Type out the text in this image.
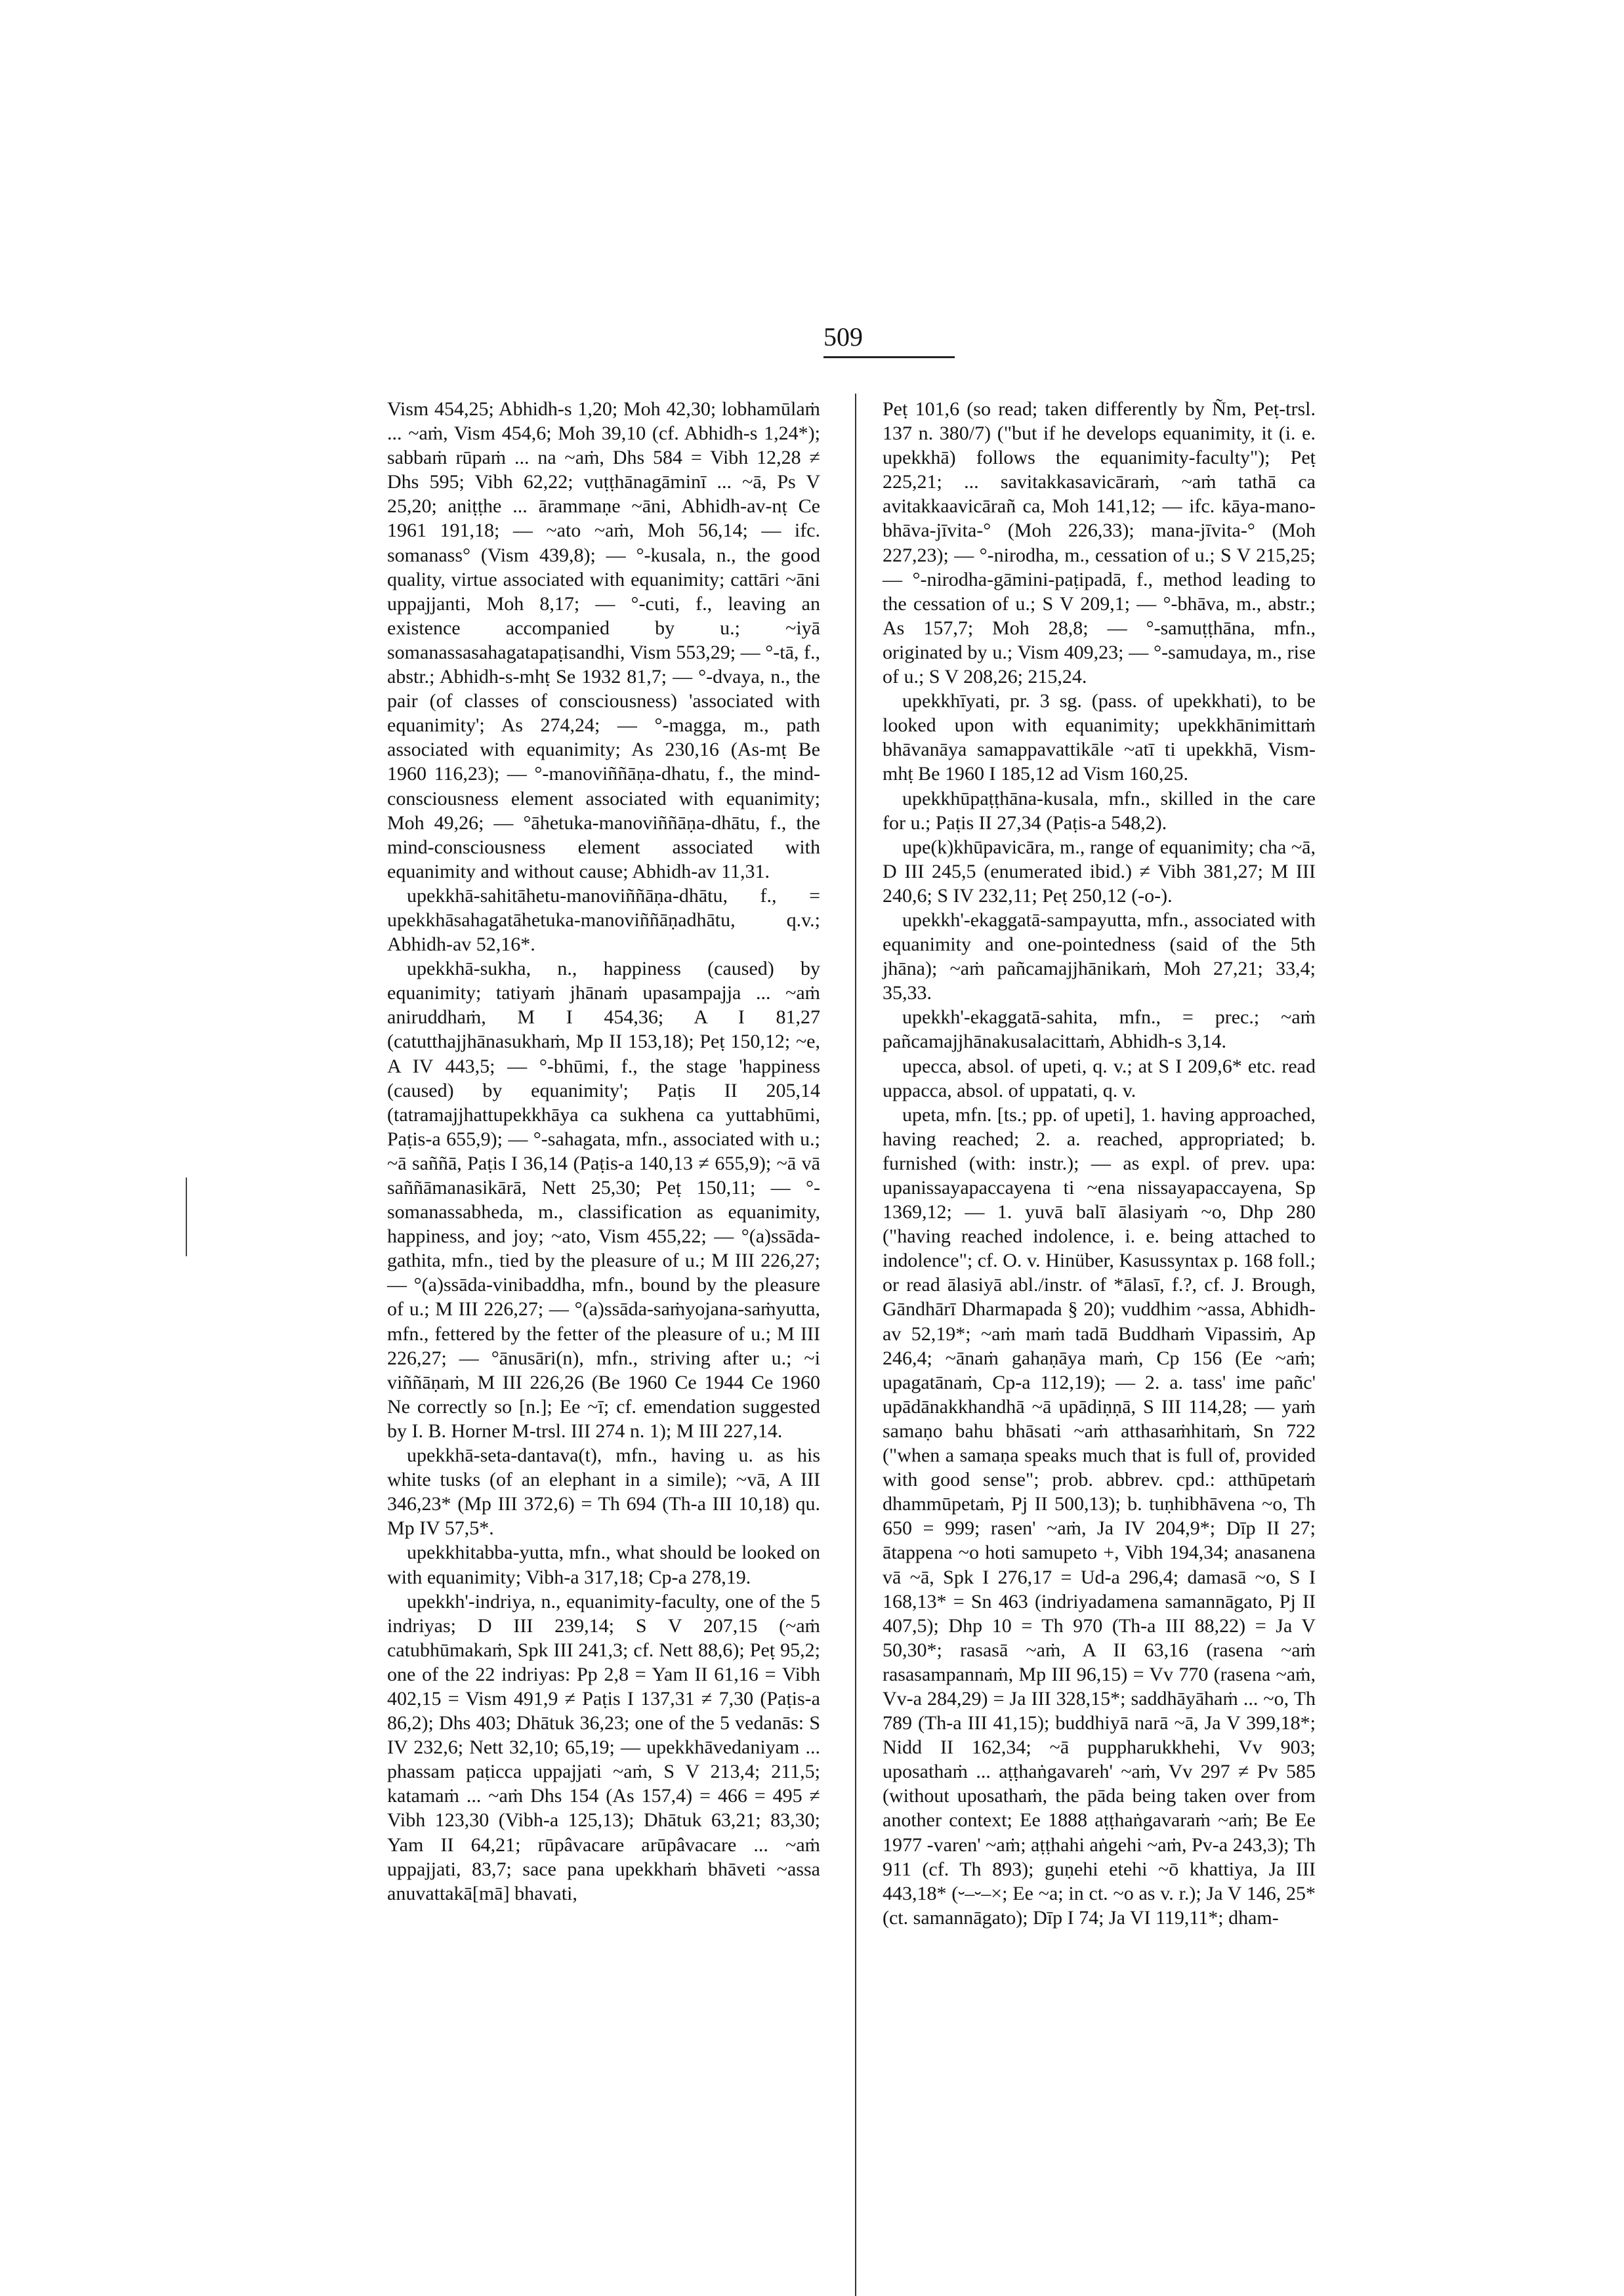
509

Vism 454,25; Abhidh-s 1,20; Moh 42,30; lobhamūlaṁ ... ~aṁ, Vism 454,6; Moh 39,10 (cf. Abhidh-s 1,24*); sabbaṁ rūpaṁ ... na ~aṁ, Dhs 584 = Vibh 12,28 ≠ Dhs 595; Vibh 62,22; vuṭṭhānagāminī ... ~ā, Ps V 25,20; aniṭṭhe ... ārammaṇe ~āni, Abhidh-av-nṭ Ce 1961 191,18; — ~ato ~aṁ, Moh 56,14; — ifc. somanass° (Vism 439,8); — °-kusala, n., the good quality, virtue associated with equanimity; cattāri ~āni uppajjanti, Moh 8,17; — °-cuti, f., leaving an existence accompanied by u.; ~iyā somanassasahagatapaṭisandhi, Vism 553,29; — °-tā, f., abstr.; Abhidh-s-mhṭ Se 1932 81,7; — °-dvaya, n., the pair (of classes of consciousness) 'associated with equanimity'; As 274,24; — °-magga, m., path associated with equanimity; As 230,16 (As-mṭ Be 1960 116,23); — °-manoviññāṇa-dhatu, f., the mind-consciousness element associated with equanimity; Moh 49,26; — °āhetuka-manoviññāṇa-dhātu, f., the mind-consciousness element associated with equanimity and without cause; Abhidh-av 11,31.

upekkhā-sahitāhetu-manoviññāṇa-dhātu, f., = upekkhāsahagatāhetuka-manoviññāṇadhātu, q.v.; Abhidh-av 52,16*.

upekkhā-sukha, n., happiness (caused) by equanimity; tatiyaṁ jhānaṁ upasampajja ... ~aṁ aniruddhaṁ, M I 454,36; A I 81,27 (catutthajjhānasukhaṁ, Mp II 153,18); Peṭ 150,12; ~e, A IV 443,5; — °-bhūmi, f., the stage 'happiness (caused) by equanimity'; Paṭis II 205,14 (tatramajjhattupekkhāya ca sukhena ca yuttabhūmi, Paṭis-a 655,9); — °-sahagata, mfn., associated with u.; ~ā saññā, Paṭis I 36,14 (Paṭis-a 140,13 ≠ 655,9); ~ā vā saññāmanasikārā, Nett 25,30; Peṭ 150,11; — °-somanassabheda, m., classification as equanimity, happiness, and joy; ~ato, Vism 455,22; — °(a)ssāda-gathita, mfn., tied by the pleasure of u.; M III 226,27; — °(a)ssāda-vinibaddha, mfn., bound by the pleasure of u.; M III 226,27; — °(a)ssāda-saṁyojana-saṁyutta, mfn., fettered by the fetter of the pleasure of u.; M III 226,27; — °ānusāri(n), mfn., striving after u.; ~i viññāṇaṁ, M III 226,26 (Be 1960 Ce 1944 Ce 1960 Ne correctly so [n.]; Ee ~ī; cf. emendation suggested by I. B. Horner M-trsl. III 274 n. 1); M III 227,14.

upekkhā-seta-dantava(t), mfn., having u. as his white tusks (of an elephant in a simile); ~vā, A III 346,23* (Mp III 372,6) = Th 694 (Th-a III 10,18) qu. Mp IV 57,5*.

upekkhitabba-yutta, mfn., what should be looked on with equanimity; Vibh-a 317,18; Cp-a 278,19.

upekkh'-indriya, n., equanimity-faculty, one of the 5 indriyas; D III 239,14; S V 207,15 (~aṁ catubhūmakaṁ, Spk III 241,3; cf. Nett 88,6); Peṭ 95,2; one of the 22 indriyas: Pp 2,8 = Yam II 61,16 = Vibh 402,15 = Vism 491,9 ≠ Paṭis I 137,31 ≠ 7,30 (Paṭis-a 86,2); Dhs 403; Dhātuk 36,23; one of the 5 vedanās: S IV 232,6; Nett 32,10; 65,19; — upekkhāvedaniyam ... phassam paṭicca uppajjati ~aṁ, S V 213,4; 211,5; katamaṁ ... ~aṁ Dhs 154 (As 157,4) = 466 = 495 ≠ Vibh 123,30 (Vibh-a 125,13); Dhātuk 63,21; 83,30; Yam II 64,21; rūpâvacare arūpâvacare ... ~aṁ uppajjati, 83,7; sace pana upekkhaṁ bhāveti ~assa anuvattakā[mā] bhavati,

Peṭ 101,6 (so read; taken differently by Ñm, Peṭ-trsl. 137 n. 380/7) ("but if he develops equanimity, it (i. e. upekkhā) follows the equanimity-faculty"); Peṭ 225,21; ... savitakkasavicāraṁ, ~aṁ tathā ca avitakkaavicārañ ca, Moh 141,12; — ifc. kāya-mano-bhāva-jīvita-° (Moh 226,33); mana-jīvita-° (Moh 227,23); — °-nirodha, m., cessation of u.; S V 215,25; — °-nirodha-gāmini-paṭipadā, f., method leading to the cessation of u.; S V 209,1; — °-bhāva, m., abstr.; As 157,7; Moh 28,8; — °-samuṭṭhāna, mfn., originated by u.; Vism 409,23; — °-samudaya, m., rise of u.; S V 208,26; 215,24.

upekkhīyati, pr. 3 sg. (pass. of upekkhati), to be looked upon with equanimity; upekkhānimittaṁ bhāvanāya samappavattikāle ~atī ti upekkhā, Vism-mhṭ Be 1960 I 185,12 ad Vism 160,25.

upekkhūpaṭṭhāna-kusala, mfn., skilled in the care for u.; Paṭis II 27,34 (Paṭis-a 548,2).

upe(k)khūpavicāra, m., range of equanimity; cha ~ā, D III 245,5 (enumerated ibid.) ≠ Vibh 381,27; M III 240,6; S IV 232,11; Peṭ 250,12 (-o-).

upekkh'-ekaggatā-sampayutta, mfn., associated with equanimity and one-pointedness (said of the 5th jhāna); ~aṁ pañcamajjhānikaṁ, Moh 27,21; 33,4; 35,33.

upekkh'-ekaggatā-sahita, mfn., = prec.; ~aṁ pañcamajjhānakusalacittaṁ, Abhidh-s 3,14.

upecca, absol. of upeti, q. v.; at S I 209,6* etc. read uppacca, absol. of uppatati, q. v.

upeta, mfn. [ts.; pp. of upeti], 1. having approached, having reached; 2. a. reached, appropriated; b. furnished (with: instr.); — as expl. of prev. upa: upanissayapaccayena ti ~ena nissayapaccayena, Sp 1369,12; — 1. yuvā balī ālasiyaṁ ~o, Dhp 280 ("having reached indolence, i. e. being attached to indolence"; cf. O. v. Hinüber, Kasussyntax p. 168 foll.; or read ālasiyā abl./instr. of *ālasī, f.?, cf. J. Brough, Gāndhārī Dharmapada § 20); vuddhim ~assa, Abhidh-av 52,19*; ~aṁ maṁ tadā Buddhaṁ Vipassiṁ, Ap 246,4; ~ānaṁ gahaṇāya maṁ, Cp 156 (Ee ~aṁ; upagatānaṁ, Cp-a 112,19); — 2. a. tass' ime pañc' upādānakkhandhā ~ā upādiṇṇā, S III 114,28; — yaṁ samaṇo bahu bhāsati ~aṁ atthasaṁhitaṁ, Sn 722 ("when a samaṇa speaks much that is full of, provided with good sense"; prob. abbrev. cpd.: atthūpetaṁ dhammūpetaṁ, Pj II 500,13); b. tuṇhibhāvena ~o, Th 650 = 999; rasen' ~aṁ, Ja IV 204,9*; Dīp II 27; ātappena ~o hoti samupeto +, Vibh 194,34; anasanena vā ~ā, Spk I 276,17 = Ud-a 296,4; damasā ~o, S I 168,13* = Sn 463 (indriyadamena samannāgato, Pj II 407,5); Dhp 10 = Th 970 (Th-a III 88,22) = Ja V 50,30*; rasasā ~aṁ, A II 63,16 (rasena ~aṁ rasasampannaṁ, Mp III 96,15) = Vv 770 (rasena ~aṁ, Vv-a 284,29) = Ja III 328,15*; saddhāyāhaṁ ... ~o, Th 789 (Th-a III 41,15); buddhiyā narā ~ā, Ja V 399,18*; Nidd II 162,34; ~ā puppharukkhehi, Vv 903; uposathaṁ ... aṭṭhaṅgavareh' ~aṁ, Vv 297 ≠ Pv 585 (without uposathaṁ, the pāda being taken over from another context; Ee 1888 aṭṭhaṅgavaraṁ ~aṁ; Be Ee 1977 -varen' ~aṁ; aṭṭhahi aṅgehi ~aṁ, Pv-a 243,3); Th 911 (cf. Th 893); guṇehi etehi ~ō khattiya, Ja III 443,18* (⏑–⏑–×; Ee ~a; in ct. ~o as v. r.); Ja V 146, 25* (ct. samannāgato); Dīp I 74; Ja VI 119,11*; dham-
